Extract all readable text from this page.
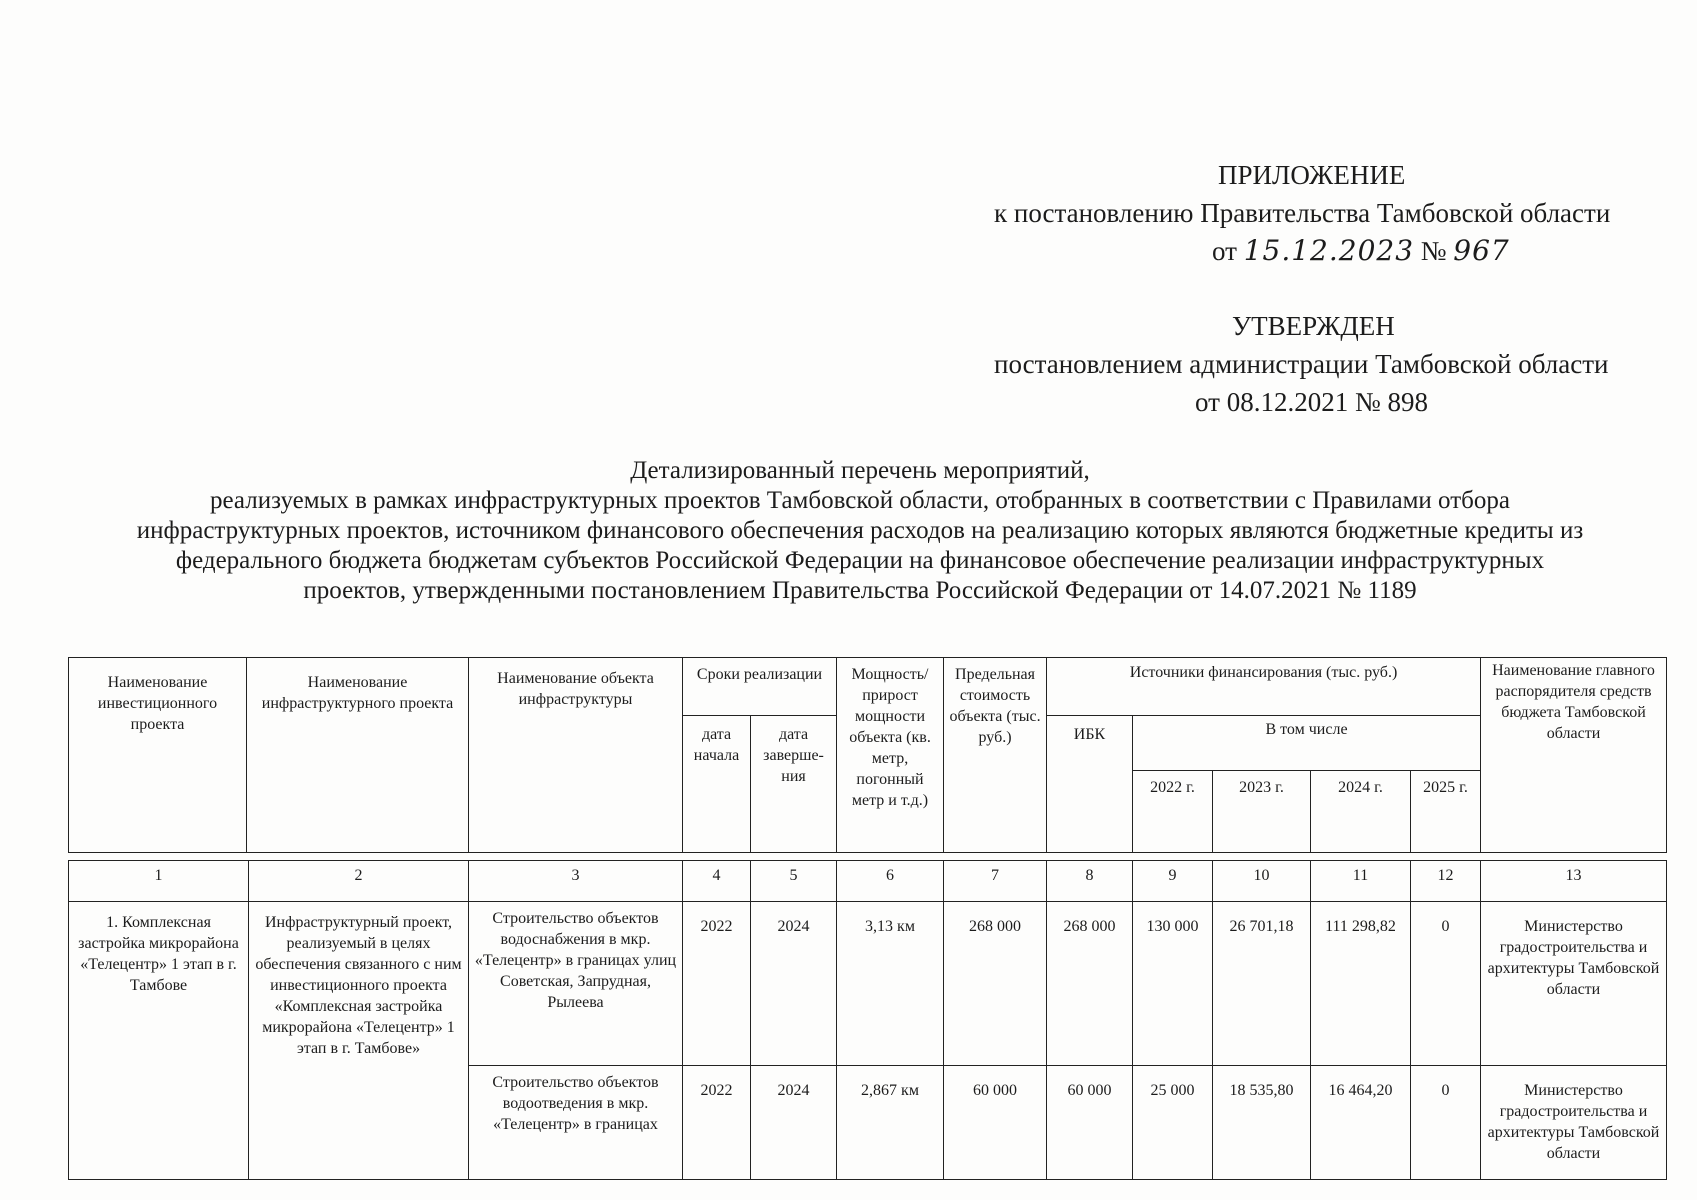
ПРИЛОЖЕНИЕ
к постановлению Правительства Тамбовской области
от 15.12.2023 № 967
УТВЕРЖДЕН
постановлением администрации Тамбовской области
от 08.12.2021 № 898
Детализированный перечень мероприятий,
реализуемых в рамках инфраструктурных проектов Тамбовской области, отобранных в соответствии с Правилами отбора
инфраструктурных проектов, источником финансового обеспечения расходов на реализацию которых являются бюджетные кредиты из
федерального бюджета бюджетам субъектов Российской Федерации на финансовое обеспечение реализации инфраструктурных
проектов, утвержденными постановлением Правительства Российской Федерации от 14.07.2021 № 1189
Наименование инвестиционного проекта	Наименование инфраструктурного проекта	Наименование объекта инфраструктуры	Сроки реализации		Мощность/ прирост мощности объекта (кв. метр, погонный метр и т.д.)	Предельная стоимость объекта (тыс. руб.)	Источники финансирования (тыс. руб.)					Наименование главного распорядителя средств бюджета Тамбовской области
			дата начала	дата заверше-ния			ИБК	В том числе				
								2022 г.	2023 г.	2024 г.	2025 г.	
1	2	3	4	5	6	7	8	9	10	11	12	13
1. Комплексная застройка микрорайона «Телецентр» 1 этап в г. Тамбове	Инфраструктурный проект, реализуемый в целях обеспечения связанного с ним инвестиционного проекта «Комплексная застройка микрорайона «Телецентр» 1 этап в г. Тамбове»	Строительство объектов водоснабжения в мкр. «Телецентр» в границах улиц Советская, Запрудная, Рылеева	2022	2024	3,13 км	268 000	268 000	130 000	26 701,18	111 298,82	0	Министерство градостроительства и архитектуры Тамбовской области
		Строительство объектов водоотведения в мкр. «Телецентр» в границах	2022	2024	2,867 км	60 000	60 000	25 000	18 535,80	16 464,20	0	Министерство градостроительства и архитектуры Тамбовской области
